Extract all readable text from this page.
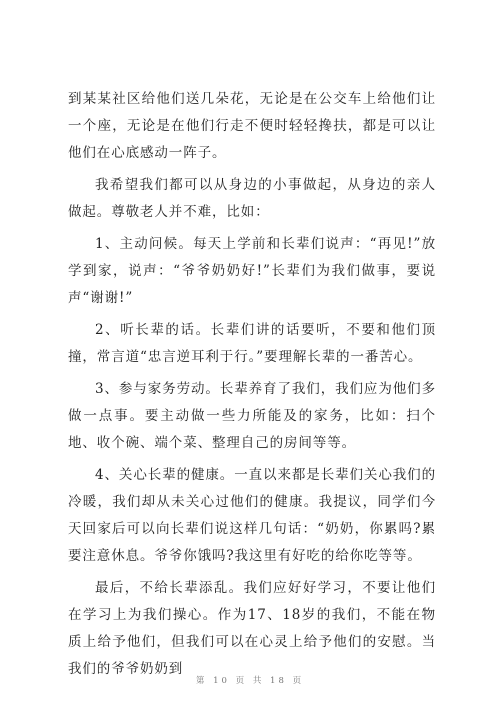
到某某社区给他们送几朵花，无论是在公交车上给他们让一个座，无论是在他们行走不便时轻轻搀扶，都是可以让他们在心底感动一阵子。

我希望我们都可以从身边的小事做起，从身边的亲人做起。尊敬老人并不难，比如：

1、主动问候。每天上学前和长辈们说声：“再见!”放学到家，说声：“爷爷奶奶好!”长辈们为我们做事，要说声“谢谢!”

2、听长辈的话。长辈们讲的话要听，不要和他们顶撞，常言道“忠言逆耳利于行。”要理解长辈的一番苦心。

3、参与家务劳动。长辈养育了我们，我们应为他们多做一点事。要主动做一些力所能及的家务，比如：扫个地、收个碗、端个菜、整理自己的房间等等。

4、关心长辈的健康。一直以来都是长辈们关心我们的冷暖，我们却从未关心过他们的健康。我提议，同学们今天回家后可以向长辈们说这样几句话：“奶奶，你累吗?累要注意休息。爷爷你饿吗?我这里有好吃的给你吃等等。

最后，不给长辈添乱。我们应好好学习，不要让他们在学习上为我们操心。作为17、18岁的我们，不能在物质上给予他们，但我们可以在心灵上给予他们的安慰。当我们的爷爷奶奶到

第 10 页 共 18 页
